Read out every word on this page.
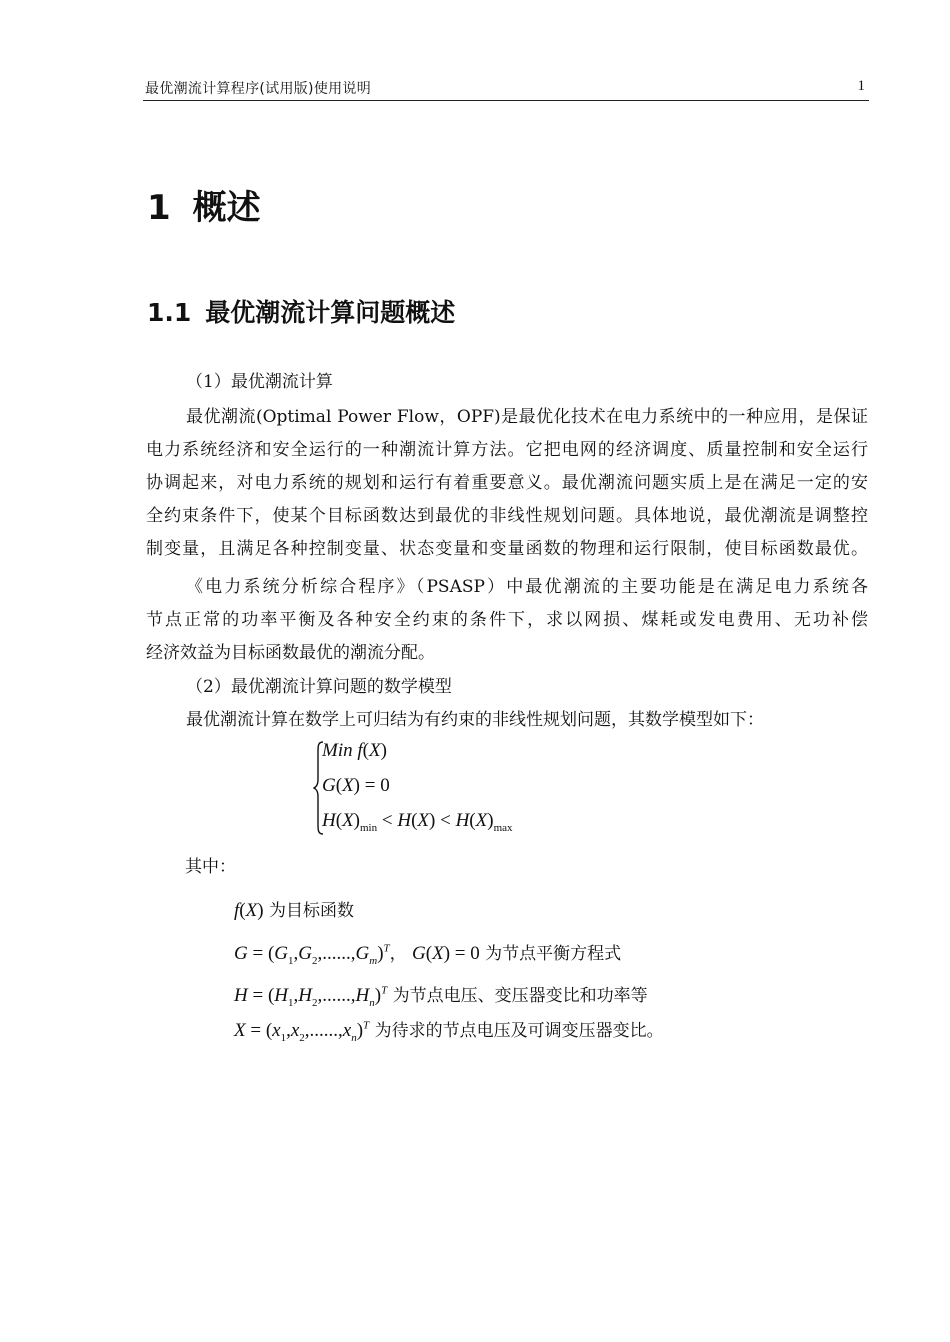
最优潮流计算程序(试用版)使用说明	1
1 概述
1.1 最优潮流计算问题概述
（1）最优潮流计算
最优潮流(Optimal Power Flow，OPF)是最优化技术在电力系统中的一种应用，是保证
电力系统经济和安全运行的一种潮流计算方法。它把电网的经济调度、质量控制和安全运行
协调起来，对电力系统的规划和运行有着重要意义。最优潮流问题实质上是在满足一定的安
全约束条件下，使某个目标函数达到最优的非线性规划问题。具体地说，最优潮流是调整控
制变量，且满足各种控制变量、状态变量和变量函数的物理和运行限制，使目标函数最优。
《电力系统分析综合程序》（PSASP）中最优潮流的主要功能是在满足电力系统各
节点正常的功率平衡及各种安全约束的条件下，求以网损、煤耗或发电费用、无功补偿
经济效益为目标函数最优的潮流分配。
（2）最优潮流计算问题的数学模型
最优潮流计算在数学上可归结为有约束的非线性规划问题，其数学模型如下：
Min f(X)
G(X) = 0
$H(X)_{min} < H(X) < H(X)_{max}$
其中：
f(X) 为目标函数
$G = (G_1,G_2,......,G_m)^T$， G(X) = 0 为节点平衡方程式
$H = (H_1,H_2,......,H_n)^T$ 为节点电压、变压器变比和功率等
$X = (x_1,x_2,......,x_n)^T$ 为待求的节点电压及可调变压器变比。
